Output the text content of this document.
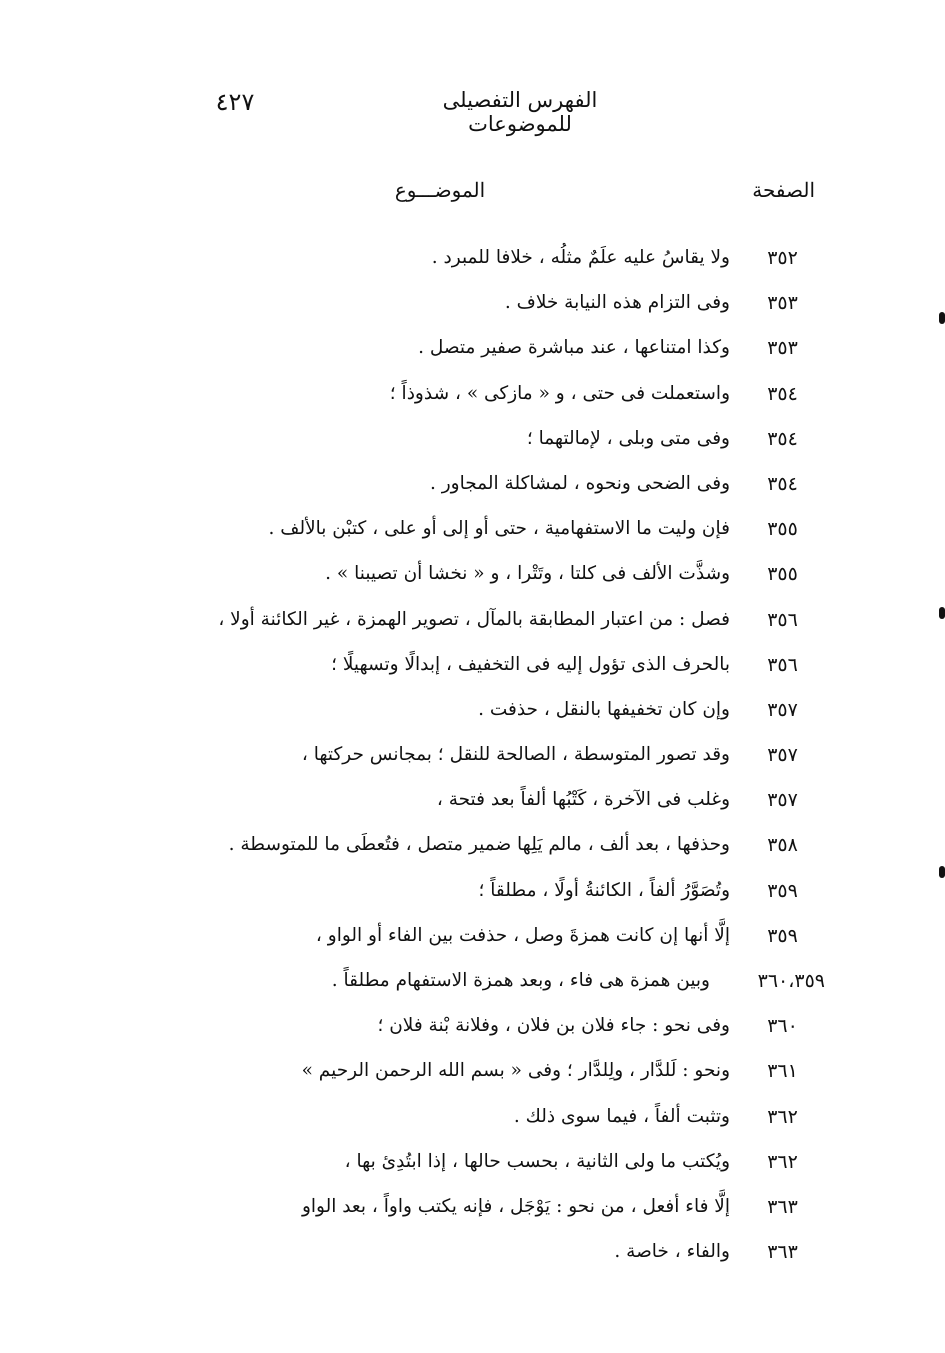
الفهرس التفصيلى للموضوعات
٤٢٧
الصفحة
الموضـــوع
٣٥٢
ولا يقاسُ عليه علَمٌ مثلُه ، خلافا للمبرد .
٣٥٣
وفى التزام هذه النيابة خلاف .
٣٥٣
وكذا امتناعها ، عند مباشرة صفير متصل .
٣٥٤
واستعملت فى حتى ، و « مازكى » ، شذوذاً ؛
٣٥٤
وفى متى وبلى ، لإمالتهما ؛
٣٥٤
وفى الضحى ونحوه ، لمشاكلة المجاور .
٣٥٥
فإن وليت ما الاستفهامية ، حتى أو إلى أو على ، كتبْن بالألف .
٣٥٥
وشذَّت الألف فى كلتا ، وتَتْرا ، و « نخشا أن تصيبنا » .
٣٥٦
فصل : من اعتبار المطابقة بالمآل ، تصوير الهمزة ، غير الكائنة أولا ،
٣٥٦
بالحرف الذى تؤول إليه فى التخفيف ، إبدالًا وتسهيلًا ؛
٣٥٧
وإن كان تخفيفها بالنقل ، حذفت .
٣٥٧
وقد تصور المتوسطة ، الصالحة للنقل ؛ بمجانس حركتها ،
٣٥٧
وغلب فى الآخرة ، كَتْبُها ألفاً بعد فتحة ،
٣٥٨
وحذفها ، بعد ألف ، مالم يَلِها ضمير متصل ، فتُعطَى ما للمتوسطة .
٣٥٩
وتُصَوَّرُ ألفاً ، الكائنةُ أولًا ، مطلقاً ؛
٣٥٩
إلَّا أنها إن كانت همزةَ وصل ، حذفت بين الفاء أو الواو ،
٣٦٠،٣٥٩
وبين همزة هى فاء ، وبعد همزة الاستفهام مطلقاً .
٣٦٠
وفى نحو : جاء فلان بن فلان ، وفلانة بْنة فلان ؛
٣٦١
ونحو : لَلدَّار ، ولِلدَّار ؛ وفى « بسم الله الرحمن الرحيم »
٣٦٢
وتثبت ألفاً ، فيما سوى ذلك .
٣٦٢
ويُكتب ما ولى الثانية ، بحسب حالها ، إذا ابتُدِئ بها ،
٣٦٣
إلَّا فاء أفعل ، من نحو : يَوْجَل ، فإنه يكتب واواً ، بعد الواو
٣٦٣
والفاء ، خاصة .
